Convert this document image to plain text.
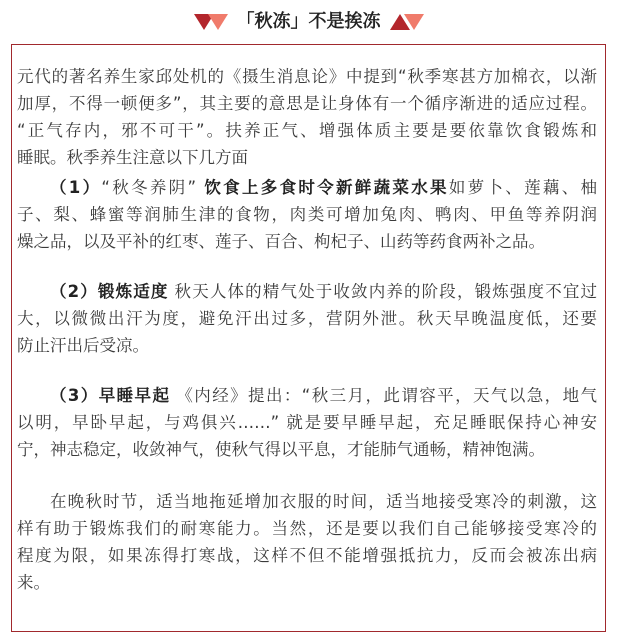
「秋冻」不是挨冻
元代的著名养生家邱处机的《摄生消息论》中提到“秋季寒甚方加棉衣，以渐
加厚，不得一顿便多”，其主要的意思是让身体有一个循序渐进的适应过程。
“正气存内，邪不可干”。扶养正气、增强体质主要是要依靠饮食锻炼和
睡眠。秋季养生注意以下几方面
（1）“秋冬养阴” 饮食上多食时令新鲜蔬菜水果如萝卜、莲藕、柚
子、梨、蜂蜜等润肺生津的食物，肉类可增加兔肉、鸭肉、甲鱼等养阴润
燥之品，以及平补的红枣、莲子、百合、枸杞子、山药等药食两补之品。
（2）锻炼适度 秋天人体的精气处于收敛内养的阶段，锻炼强度不宜过
大，以微微出汗为度，避免汗出过多，营阴外泄。秋天早晚温度低，还要
防止汗出后受凉。
（3）早睡早起 《内经》提出：“秋三月，此谓容平，天气以急，地气
以明，早卧早起，与鸡俱兴……” 就是要早睡早起，充足睡眠保持心神安
宁，神志稳定，收敛神气，使秋气得以平息，才能肺气通畅，精神饱满。
在晚秋时节，适当地拖延增加衣服的时间，适当地接受寒冷的刺激，这
样有助于锻炼我们的耐寒能力。当然，还是要以我们自己能够接受寒冷的
程度为限，如果冻得打寒战，这样不但不能增强抵抗力，反而会被冻出病
来。
